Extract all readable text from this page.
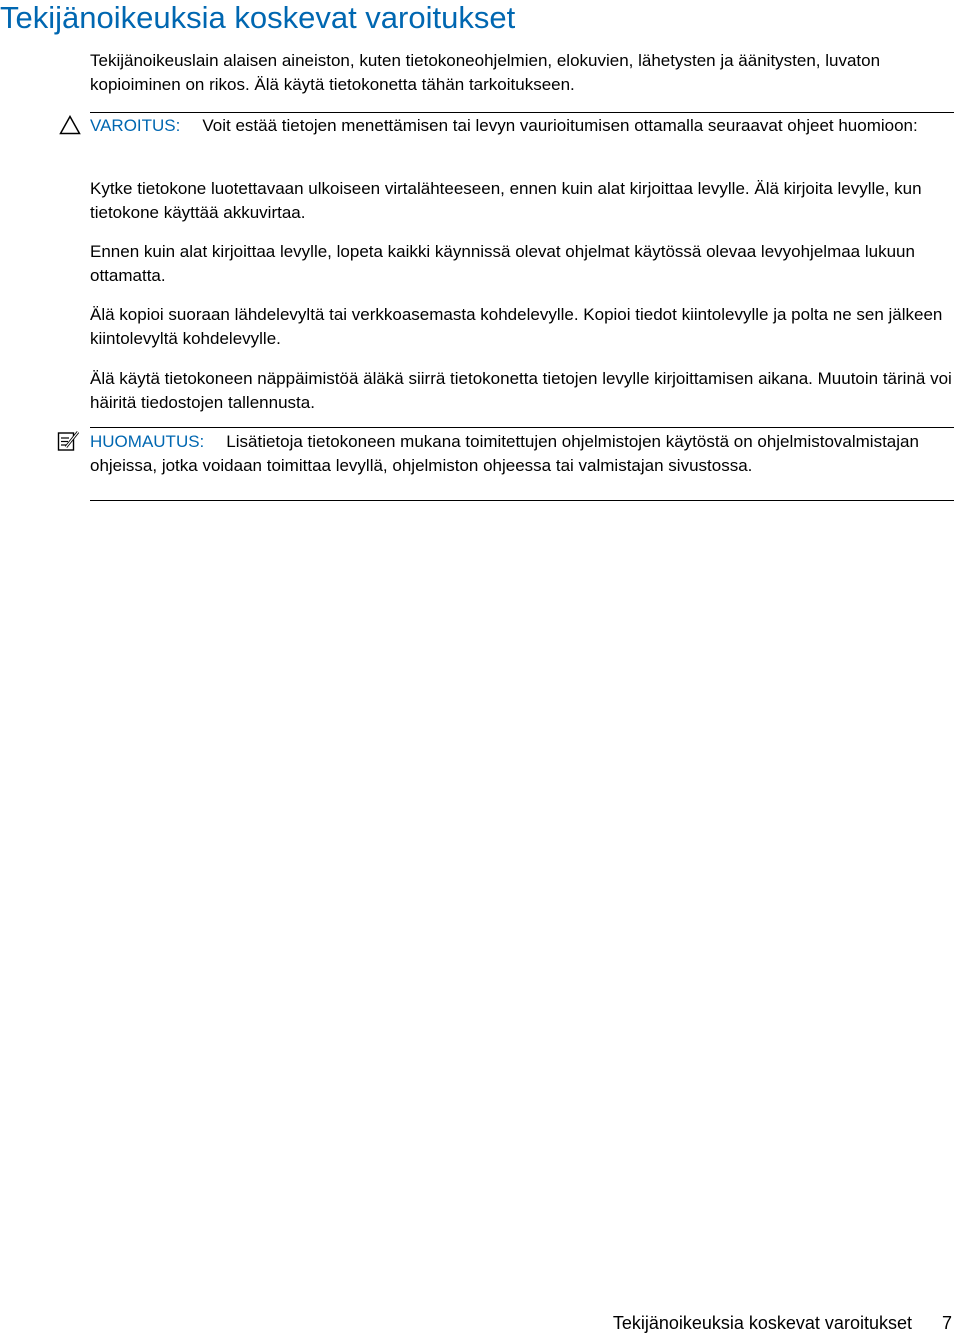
Tekijänoikeuksia koskevat varoitukset

Tekijänoikeuslain alaisen aineiston, kuten tietokoneohjelmien, elokuvien, lähetysten ja äänitysten, luvaton kopioiminen on rikos. Älä käytä tietokonetta tähän tarkoitukseen.

VAROITUS: Voit estää tietojen menettämisen tai levyn vaurioitumisen ottamalla seuraavat ohjeet huomioon:

Kytke tietokone luotettavaan ulkoiseen virtalähteeseen, ennen kuin alat kirjoittaa levylle. Älä kirjoita levylle, kun tietokone käyttää akkuvirtaa.

Ennen kuin alat kirjoittaa levylle, lopeta kaikki käynnissä olevat ohjelmat käytössä olevaa levyohjelmaa lukuun ottamatta.

Älä kopioi suoraan lähdelevyltä tai verkkoasemasta kohdelevylle. Kopioi tiedot kiintolevylle ja polta ne sen jälkeen kiintolevyltä kohdelevylle.

Älä käytä tietokoneen näppäimistöä äläkä siirrä tietokonetta tietojen levylle kirjoittamisen aikana. Muutoin tärinä voi häiritä tiedostojen tallennusta.

HUOMAUTUS: Lisätietoja tietokoneen mukana toimitettujen ohjelmistojen käytöstä on ohjelmistovalmistajan ohjeissa, jotka voidaan toimittaa levyllä, ohjelmiston ohjeessa tai valmistajan sivustossa.

Tekijänoikeuksia koskevat varoitukset 7
